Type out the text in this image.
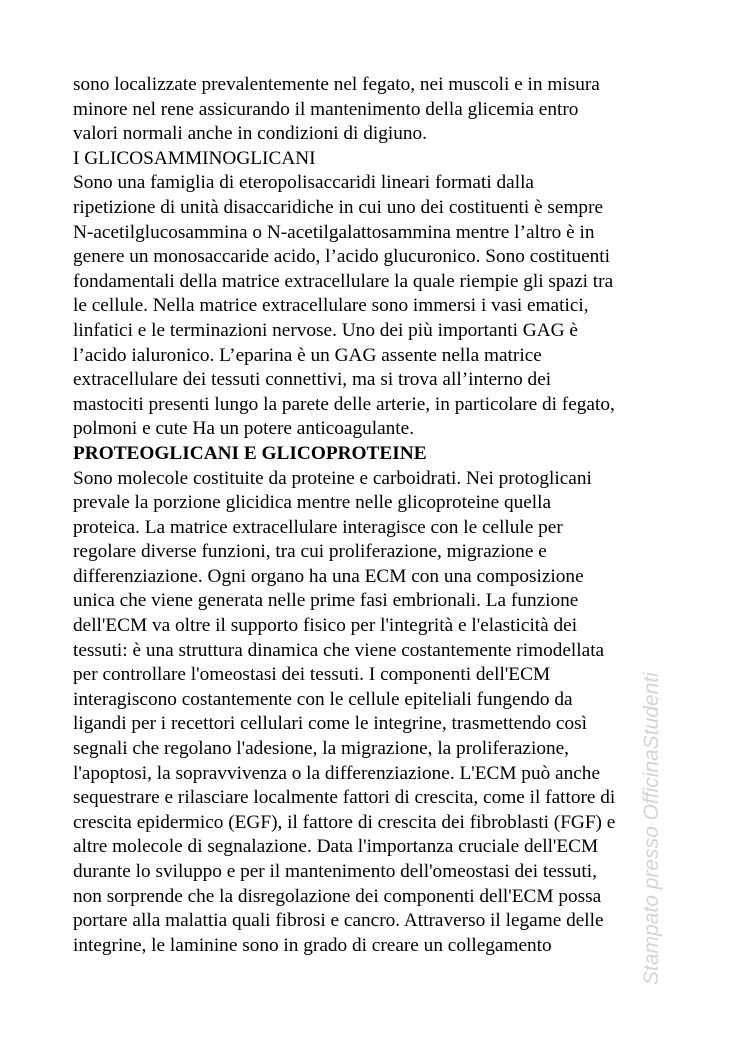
Stampato presso OfficinaStudenti
sono localizzate prevalentemente nel fegato, nei muscoli e in misura
minore nel rene assicurando il mantenimento della glicemia entro
valori normali anche in condizioni di digiuno.
I GLICOSAMMINOGLICANI
Sono una famiglia di eteropolisaccaridi lineari formati dalla
ripetizione di unità disaccaridiche in cui uno dei costituenti è sempre
N-acetilglucosammina o N-acetilgalattosammina mentre l’altro è in
genere un monosaccaride acido, l’acido glucuronico. Sono costituenti
fondamentali della matrice extracellulare la quale riempie gli spazi tra
le cellule. Nella matrice extracellulare sono immersi i vasi ematici,
linfatici e le terminazioni nervose. Uno dei più importanti GAG è
l’acido ialuronico. L’eparina è un GAG assente nella matrice
extracellulare dei tessuti connettivi, ma si trova all’interno dei
mastociti presenti lungo la parete delle arterie, in particolare di fegato,
polmoni e cute Ha un potere anticoagulante.
PROTEOGLICANI E GLICOPROTEINE
Sono molecole costituite da proteine e carboidrati. Nei protoglicani
prevale la porzione glicidica mentre nelle glicoproteine quella
proteica. La matrice extracellulare interagisce con le cellule per
regolare diverse funzioni, tra cui proliferazione, migrazione e
differenziazione. Ogni organo ha una ECM con una composizione
unica che viene generata nelle prime fasi embrionali. La funzione
dell'ECM va oltre il supporto fisico per l'integrità e l'elasticità dei
tessuti: è una struttura dinamica che viene costantemente rimodellata
per controllare l'omeostasi dei tessuti. I componenti dell'ECM
interagiscono costantemente con le cellule epiteliali fungendo da
ligandi per i recettori cellulari come le integrine, trasmettendo così
segnali che regolano l'adesione, la migrazione, la proliferazione,
l'apoptosi, la sopravvivenza o la differenziazione. L'ECM può anche
sequestrare e rilasciare localmente fattori di crescita, come il fattore di
crescita epidermico (EGF), il fattore di crescita dei fibroblasti (FGF) e
altre molecole di segnalazione. Data l'importanza cruciale dell'ECM
durante lo sviluppo e per il mantenimento dell'omeostasi dei tessuti,
non sorprende che la disregolazione dei componenti dell'ECM possa
portare alla malattia quali fibrosi e cancro. Attraverso il legame delle
integrine, le laminine sono in grado di creare un collegamento
